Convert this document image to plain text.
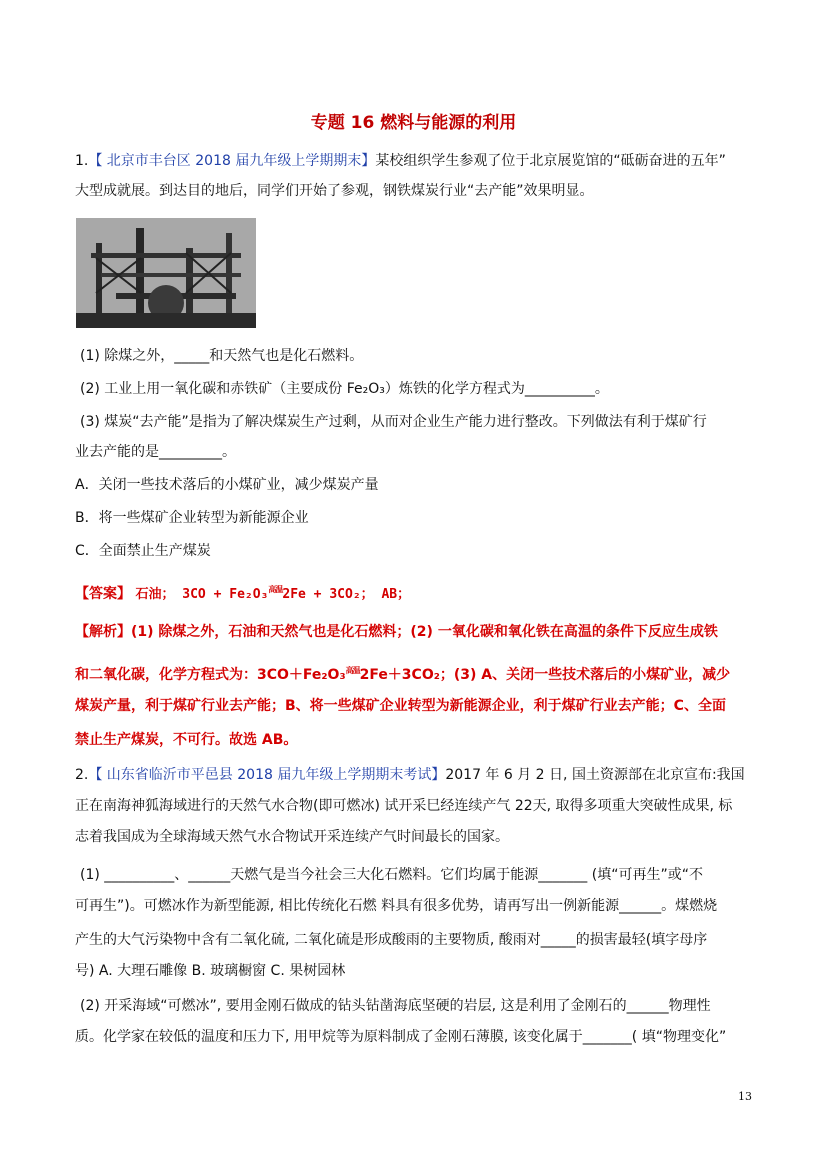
专题 16 燃料与能源的利用
1.【 北京市丰台区 2018 届九年级上学期期末】某校组织学生参观了位于北京展览馆的“砥砺奋进的五年”
大型成就展。到达目的地后，同学们开始了参观，钢铁煤炭行业“去产能”效果明显。
(1) 除煤之外，_____和天然气也是化石燃料。
(2) 工业上用一氧化碳和赤铁矿（主要成份 Fe₂O₃）炼铁的化学方程式为__________。
(3) 煤炭“去产能”是指为了解决煤炭生产过剩，从而对企业生产能力进行整改。下列做法有利于煤矿行
业去产能的是_________。
A．关闭一些技术落后的小煤矿业，减少煤炭产量
B．将一些煤矿企业转型为新能源企业
C．全面禁止生产煤炭
【答案】 石油； 3CO + Fe₂O₃$^{高温}$2Fe + 3CO₂； AB；
【解析】(1) 除煤之外，石油和天然气也是化石燃料；(2) 一氧化碳和氧化铁在高温的条件下反应生成铁
和二氧化碳，化学方程式为：3CO＋Fe₂O₃$^{高温}$2Fe＋3CO₂；(3) A、关闭一些技术落后的小煤矿业，减少
煤炭产量，利于煤矿行业去产能；B、将一些煤矿企业转型为新能源企业，利于煤矿行业去产能；C、全面
禁止生产煤炭，不可行。故选 AB。
2.【 山东省临沂市平邑县 2018 届九年级上学期期末考试】2017 年 6 月 2 日, 国土资源部在北京宣布:我国
正在南海神狐海域进行的天然气水合物(即可燃冰) 试开采巳经连续产气 22天, 取得多项重大突破性成果, 标
志着我国成为全球海域天然气水合物试开采连续产气时间最长的国家。
(1) __________、______天燃气是当今社会三大化石燃料。它们均属于能源_______ (填“可再生”或“不
可再生”)。可燃冰作为新型能源, 相比传统化石燃 料具有很多优势，请再写出一例新能源______。煤燃烧
产生的大气污染物中含有二氧化硫, 二氧化硫是形成酸雨的主要物质, 酸雨对_____的损害最轻(填字母序
号) A. 大理石雕像 B. 玻璃橱窗 C. 果树园林
(2) 开采海域“可燃冰”, 要用金刚石做成的钻头钻凿海底坚硬的岩层, 这是利用了金刚石的______物理性
质。化学家在较低的温度和压力下, 用甲烷等为原料制成了金刚石薄膜, 该变化属于_______( 填“物理变化”
13
